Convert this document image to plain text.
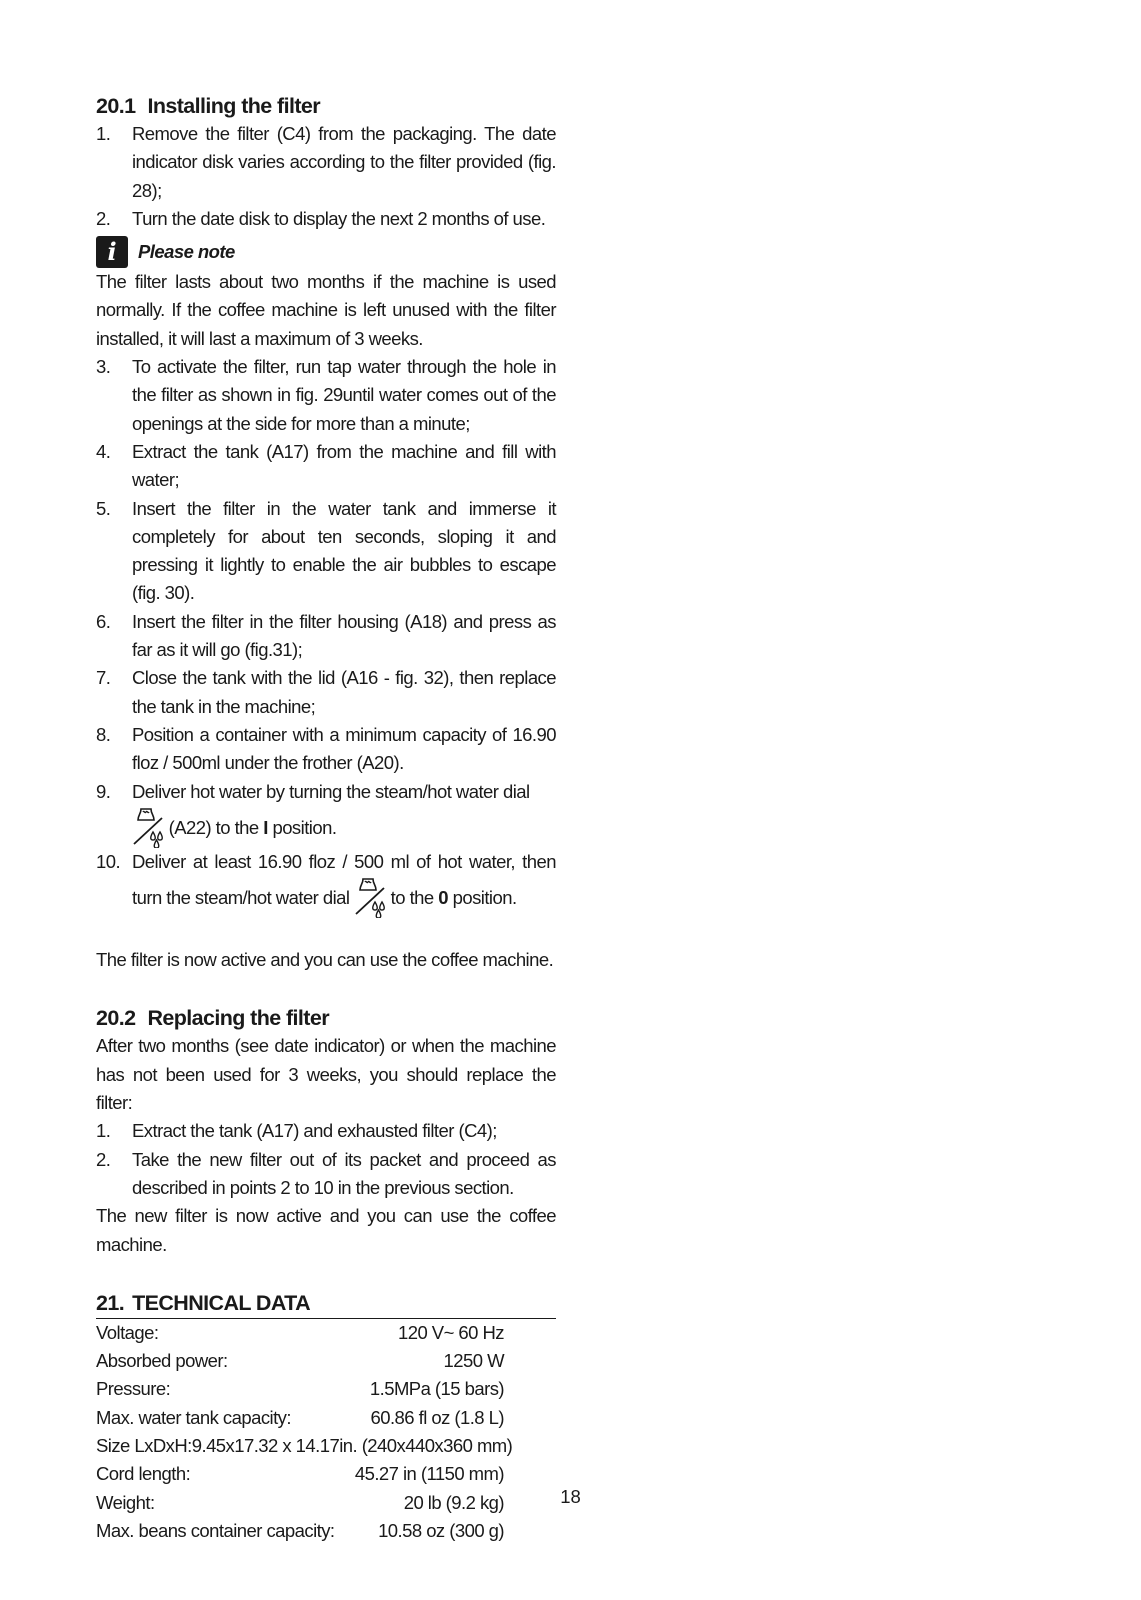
20.1 Installing the filter
1.	Remove the filter (C4) from the packaging. The date indicator disk varies according to the filter provided (fig. 28);
2.	Turn the date disk to display the next 2 months of use.
i	Please note

The filter lasts about two months if the machine is used normally. If the coffee machine is left unused with the filter installed, it will last a maximum of 3 weeks.

3.	To activate the filter, run tap water through the hole in the filter as shown in fig. 29until water comes out of the openings at the side for more than a minute;
4.	Extract the tank (A17) from the machine and fill with water;
5.	Insert the filter in the water tank and immerse it completely for about ten seconds, sloping it and pressing it lightly to enable the air bubbles to escape (fig. 30).
6.	Insert the filter in the filter housing (A18) and press as far as it will go (fig.31);
7.	Close the tank with the lid (A16 - fig. 32), then replace the tank in the machine;
8.	Position a container with a minimum capacity of 16.90 floz / 500ml under the frother (A20).
9.	Deliver hot water by turning the steam/hot water dial
(A22) to the I position.
10. Deliver at least 16.90 floz / 500 ml of hot water, then turn the steam/hot water dial to the 0 position.

The filter is now active and you can use the coffee machine.

20.2 Replacing the filter

After two months (see date indicator) or when the machine has not been used for 3 weeks, you should replace the filter:

1.	Extract the tank (A17) and exhausted filter (C4);
2.	Take the new filter out of its packet and proceed as described in points 2 to 10 in the previous section.

The new filter is now active and you can use the coffee machine.

21. TECHNICAL DATA
Voltage:	120 V~ 60 Hz
Absorbed power:	1250 W
Pressure:	1.5MPa (15 bars)
Max. water tank capacity:	60.86 fl oz (1.8 L)
Size LxDxH: 9.45x17.32 x 14.17in. (240x440x360 mm)
Cord length:	45.27 in (1150 mm)
Weight:	20 lb (9.2 kg)
Max. beans container capacity: 10.58 oz (300 g)
18
